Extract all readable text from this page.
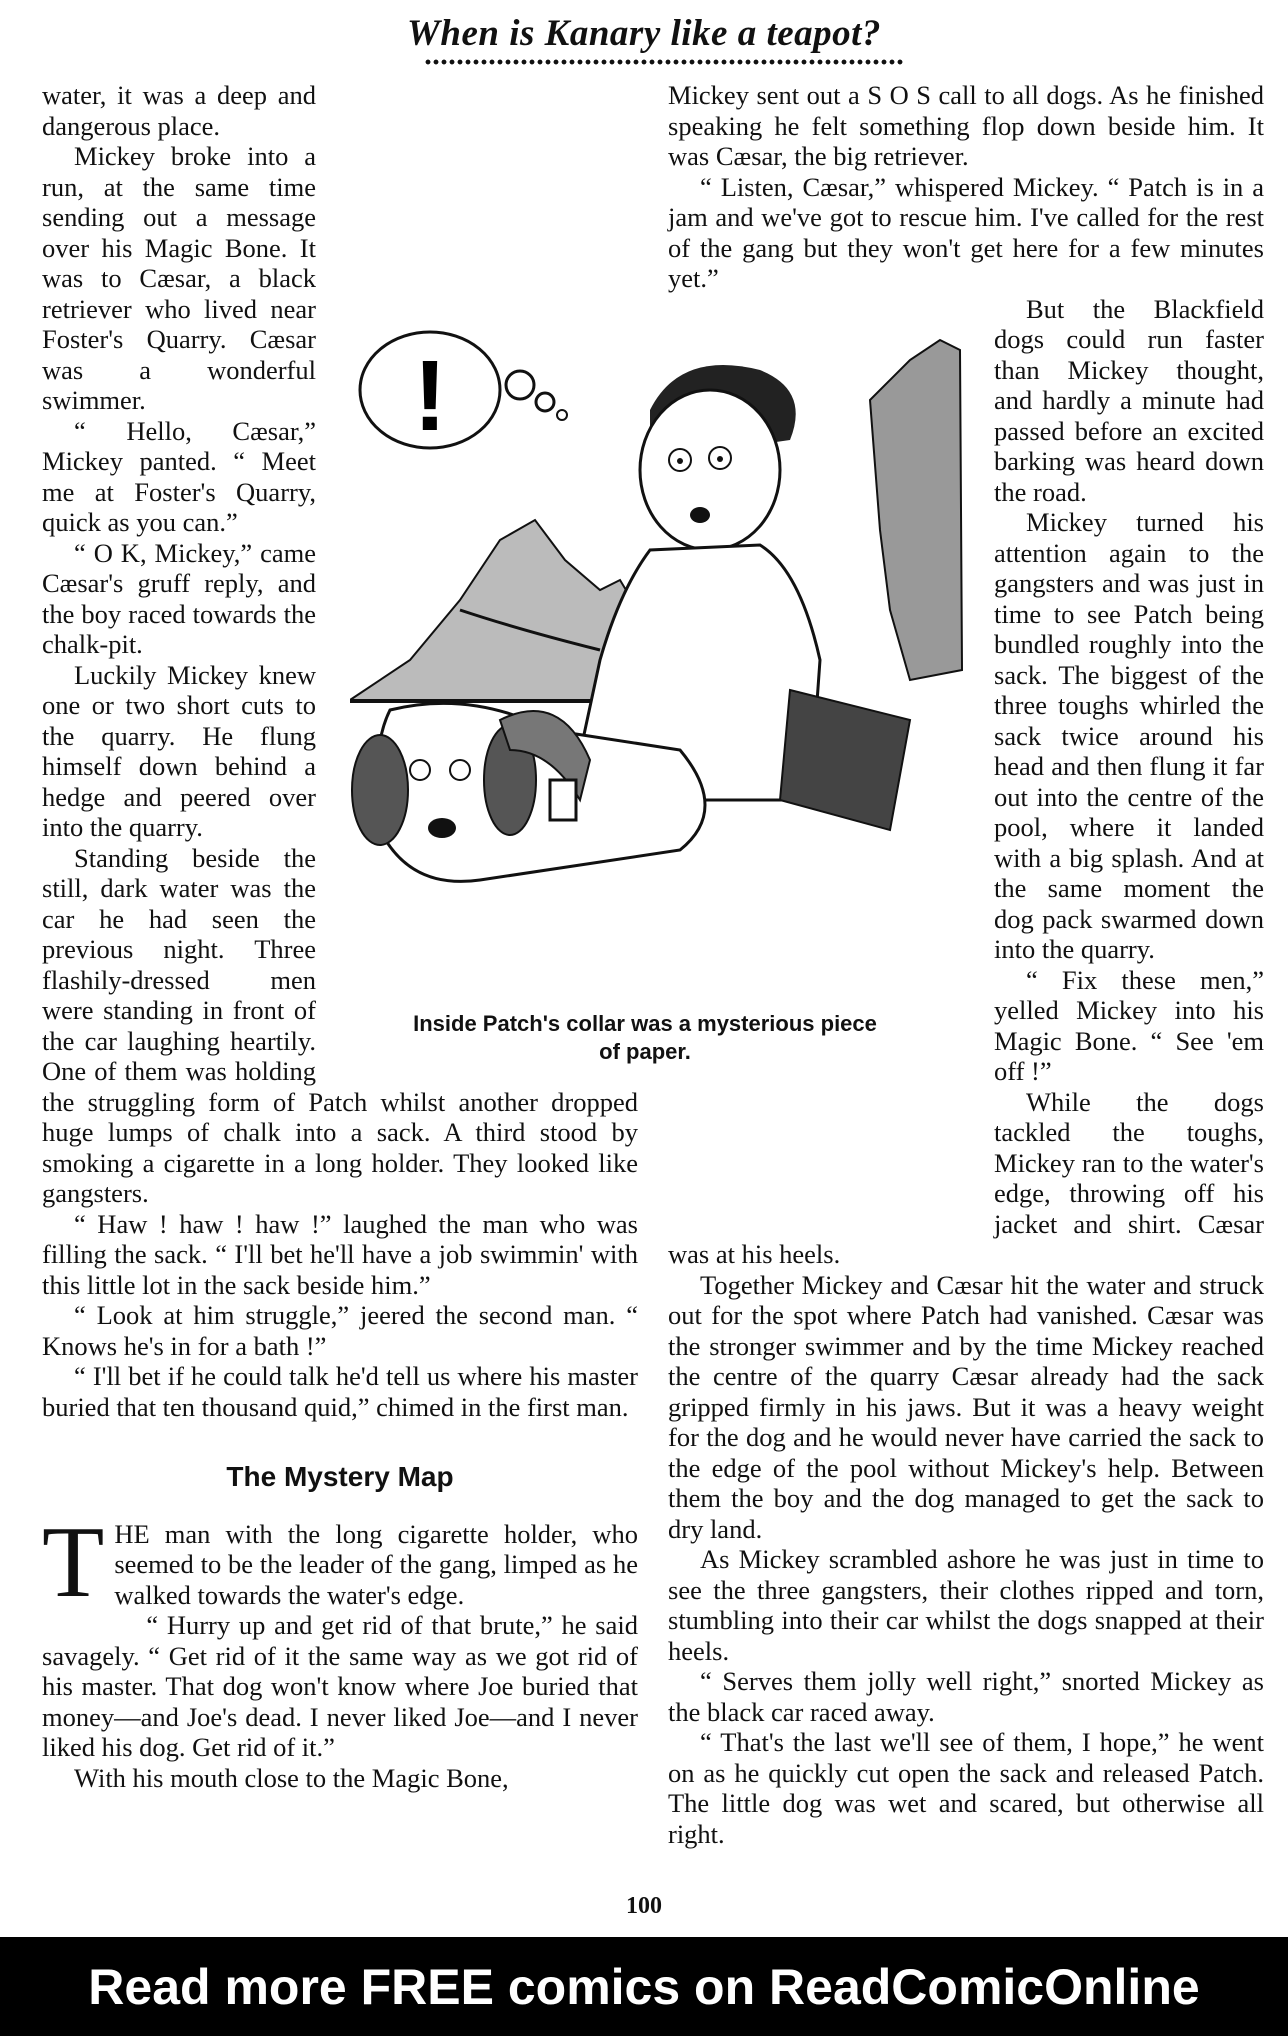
When is Kanary like a teapot?

water, it was a deep and dangerous place.

Mickey broke into a run, at the same time sending out a message over his Magic Bone. It was to Cæsar, a black retriever who lived near Foster's Quarry. Cæsar was a wonderful swimmer.

“ Hello, Cæsar,” Mickey panted. “ Meet me at Foster's Quarry, quick as you can.”

“ O K, Mickey,” came Cæsar's gruff reply, and the boy raced towards the chalk-pit.

Luckily Mickey knew one or two short cuts to the quarry. He flung himself down behind a hedge and peered over into the quarry.

Standing beside the still, dark water was the car he had seen the previous night. Three flashily-dressed men were standing in front of the car laughing heartily. One of them was holding the struggling form of Patch whilst another dropped huge lumps of chalk into a sack. A third stood by smoking a cigarette in a long holder. They looked like gangsters.

“ Haw ! haw ! haw !” laughed the man who was filling the sack. “ I'll bet he'll have a job swimmin' with this little lot in the sack beside him.”

“ Look at him struggle,” jeered the second man. “ Knows he's in for a bath !”

“ I'll bet if he could talk he'd tell us where his master buried that ten thousand quid,” chimed in the first man.

The Mystery Map

THE man with the long cigarette holder, who seemed to be the leader of the gang, limped as he walked towards the water's edge.

“ Hurry up and get rid of that brute,” he said savagely. “ Get rid of it the same way as we got rid of his master. That dog won't know where Joe buried that money—and Joe's dead. I never liked Joe—and I never liked his dog. Get rid of it.”

With his mouth close to the Magic Bone,

Mickey sent out a S O S call to all dogs. As he finished speaking he felt something flop down beside him. It was Cæsar, the big retriever.

“ Listen, Cæsar,” whispered Mickey. “ Patch is in a jam and we've got to rescue him. I've called for the rest of the gang but they won't get here for a few minutes yet.”

But the Blackfield dogs could run faster than Mickey thought, and hardly a minute had passed before an excited barking was heard down the road.

Mickey turned his attention again to the gangsters and was just in time to see Patch being bundled roughly into the sack. The biggest of the three toughs whirled the sack twice around his head and then flung it far out into the centre of the pool, where it landed with a big splash. And at the same moment the dog pack swarmed down into the quarry.

“ Fix these men,” yelled Mickey into his Magic Bone. “ See 'em off !”

While the dogs tackled the toughs, Mickey ran to the water's edge, throwing off his jacket and shirt. Cæsar was at his heels.

Together Mickey and Cæsar hit the water and struck out for the spot where Patch had vanished. Cæsar was the stronger swimmer and by the time Mickey reached the centre of the quarry Cæsar already had the sack gripped firmly in his jaws. But it was a heavy weight for the dog and he would never have carried the sack to the edge of the pool without Mickey's help. Between them the boy and the dog managed to get the sack to dry land.

As Mickey scrambled ashore he was just in time to see the three gangsters, their clothes ripped and torn, stumbling into their car whilst the dogs snapped at their heels.

“ Serves them jolly well right,” snorted Mickey as the black car raced away.

“ That's the last we'll see of them, I hope,” he went on as he quickly cut open the sack and released Patch. The little dog was wet and scared, but otherwise all right.

!
Inside Patch's collar was a mysterious piece of paper.
100
Read more FREE comics on ReadComicOnline
